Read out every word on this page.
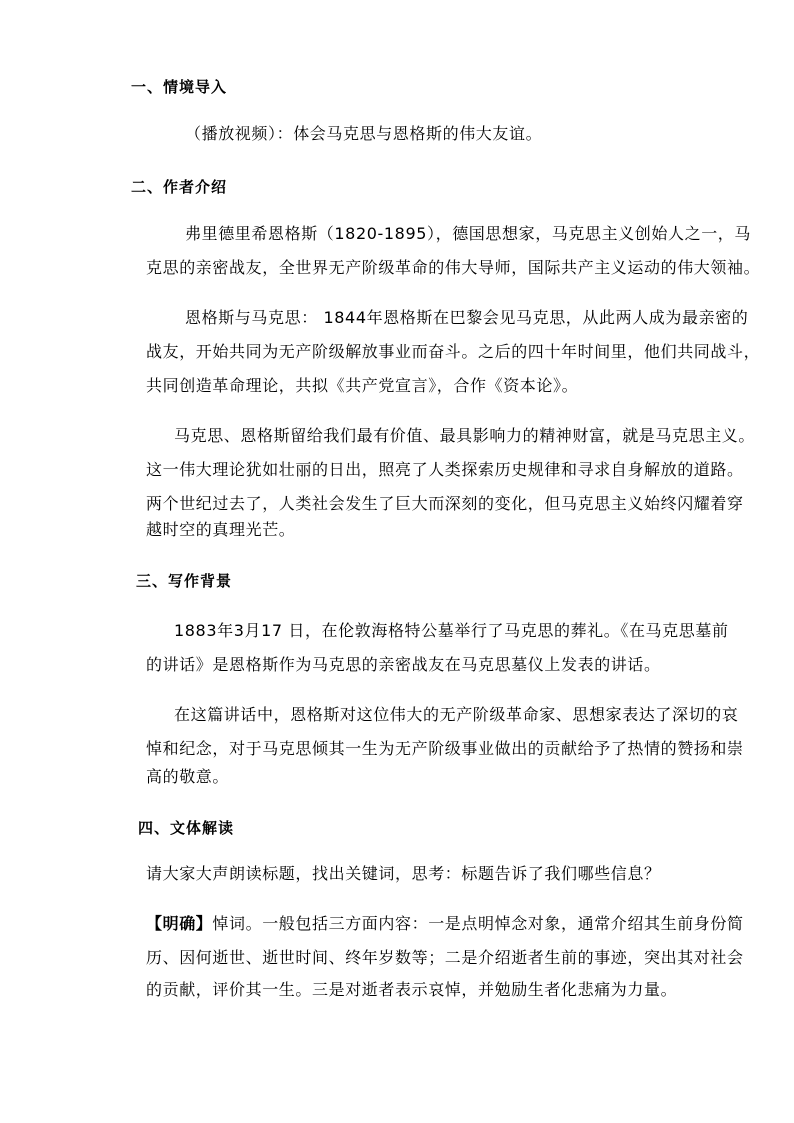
一、情境导入
（播放视频）：体会马克思与恩格斯的伟大友谊。
二、作者介绍
弗里德里希恩格斯（1820-1895），德国思想家，马克思主义创始人之一，马
克思的亲密战友，全世界无产阶级革命的伟大导师，国际共产主义运动的伟大领袖。
恩格斯与马克思： 1844年恩格斯在巴黎会见马克思，从此两人成为最亲密的
战友，开始共同为无产阶级解放事业而奋斗。之后的四十年时间里，他们共同战斗，
共同创造革命理论，共拟《共产党宣言》，合作《资本论》。
马克思、恩格斯留给我们最有价值、最具影响力的精神财富，就是马克思主义。
这一伟大理论犹如壮丽的日出，照亮了人类探索历史规律和寻求自身解放的道路。
两个世纪过去了，人类社会发生了巨大而深刻的变化，但马克思主义始终闪耀着穿
越时空的真理光芒。
三、写作背景
1883年3月17 日，在伦敦海格特公墓举行了马克思的葬礼。《在马克思墓前
的讲话》是恩格斯作为马克思的亲密战友在马克思墓仪上发表的讲话。
在这篇讲话中，恩格斯对这位伟大的无产阶级革命家、思想家表达了深切的哀
悼和纪念，对于马克思倾其一生为无产阶级事业做出的贡献给予了热情的赞扬和崇
高的敬意。
四、文体解读
请大家大声朗读标题，找出关键词，思考：标题告诉了我们哪些信息？
【明确】悼词。一般包括三方面内容：一是点明悼念对象，通常介绍其生前身份简
历、因何逝世、逝世时间、终年岁数等；二是介绍逝者生前的事迹，突出其对社会
的贡献，评价其一生。三是对逝者表示哀悼，并勉励生者化悲痛为力量。
